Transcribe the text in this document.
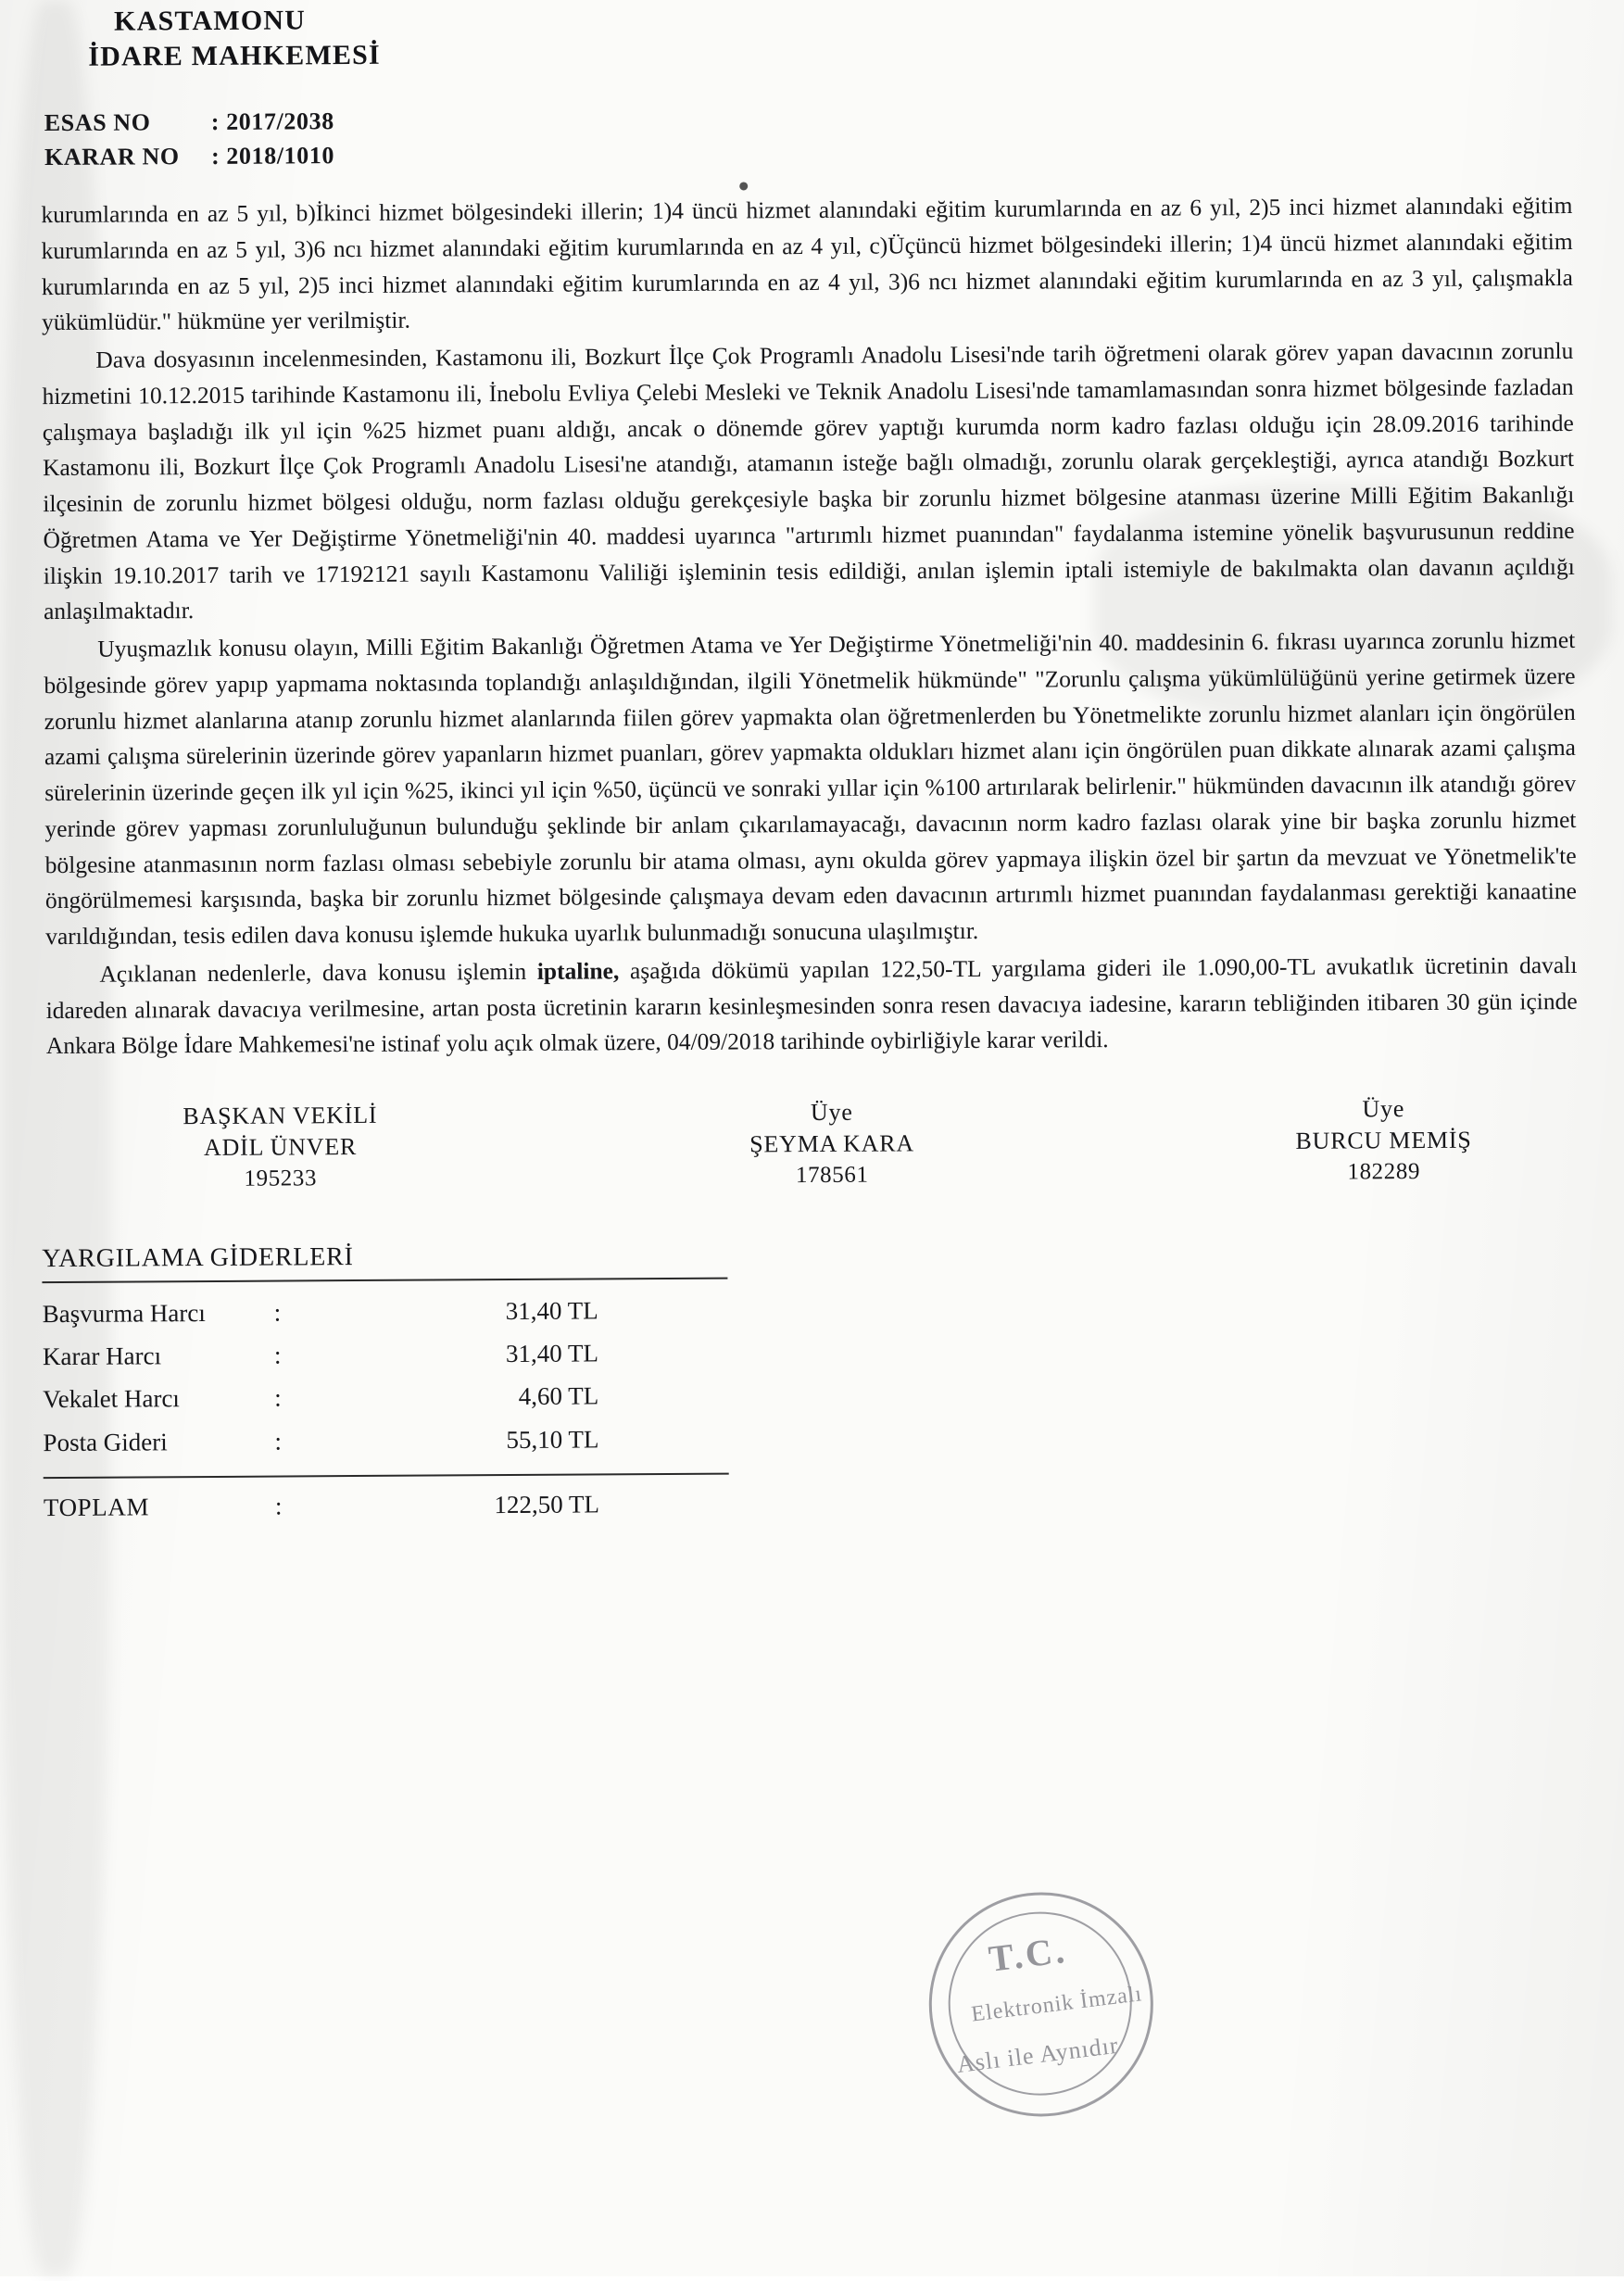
KASTAMONU
İDARE MAHKEMESİ
ESAS NO	: 2017/2038
KARAR NO	: 2018/1010

kurumlarında en az 5 yıl, b)İkinci hizmet bölgesindeki illerin; 1)4 üncü hizmet alanındaki eğitim kurumlarında en az 6 yıl, 2)5 inci hizmet alanındaki eğitim kurumlarında en az 5 yıl, 3)6 ncı hizmet alanındaki eğitim kurumlarında en az 4 yıl, c)Üçüncü hizmet bölgesindeki illerin; 1)4 üncü hizmet alanındaki eğitim kurumlarında en az 5 yıl, 2)5 inci hizmet alanındaki eğitim kurumlarında en az 4 yıl, 3)6 ncı hizmet alanındaki eğitim kurumlarında en az 3 yıl, çalışmakla yükümlüdür." hükmüne yer verilmiştir.

Dava dosyasının incelenmesinden, Kastamonu ili, Bozkurt İlçe Çok Programlı Anadolu Lisesi'nde tarih öğretmeni olarak görev yapan davacının zorunlu hizmetini 10.12.2015 tarihinde Kastamonu ili, İnebolu Evliya Çelebi Mesleki ve Teknik Anadolu Lisesi'nde tamamlamasından sonra hizmet bölgesinde fazladan çalışmaya başladığı ilk yıl için %25 hizmet puanı aldığı, ancak o dönemde görev yaptığı kurumda norm kadro fazlası olduğu için 28.09.2016 tarihinde Kastamonu ili, Bozkurt İlçe Çok Programlı Anadolu Lisesi'ne atandığı, atamanın isteğe bağlı olmadığı, zorunlu olarak gerçekleştiği, ayrıca atandığı Bozkurt ilçesinin de zorunlu hizmet bölgesi olduğu, norm fazlası olduğu gerekçesiyle başka bir zorunlu hizmet bölgesine atanması üzerine Milli Eğitim Bakanlığı Öğretmen Atama ve Yer Değiştirme Yönetmeliği'nin 40. maddesi uyarınca "artırımlı hizmet puanından" faydalanma istemine yönelik başvurusunun reddine ilişkin 19.10.2017 tarih ve 17192121 sayılı Kastamonu Valiliği işleminin tesis edildiği, anılan işlemin iptali istemiyle de bakılmakta olan davanın açıldığı anlaşılmaktadır.

Uyuşmazlık konusu olayın, Milli Eğitim Bakanlığı Öğretmen Atama ve Yer Değiştirme Yönetmeliği'nin 40. maddesinin 6. fıkrası uyarınca zorunlu hizmet bölgesinde görev yapıp yapmama noktasında toplandığı anlaşıldığından, ilgili Yönetmelik hükmünde" "Zorunlu çalışma yükümlülüğünü yerine getirmek üzere zorunlu hizmet alanlarına atanıp zorunlu hizmet alanlarında fiilen görev yapmakta olan öğretmenlerden bu Yönetmelikte zorunlu hizmet alanları için öngörülen azami çalışma sürelerinin üzerinde görev yapanların hizmet puanları, görev yapmakta oldukları hizmet alanı için öngörülen puan dikkate alınarak azami çalışma sürelerinin üzerinde geçen ilk yıl için %25, ikinci yıl için %50, üçüncü ve sonraki yıllar için %100 artırılarak belirlenir." hükmünden davacının ilk atandığı görev yerinde görev yapması zorunluluğunun bulunduğu şeklinde bir anlam çıkarılamayacağı, davacının norm kadro fazlası olarak yine bir başka zorunlu hizmet bölgesine atanmasının norm fazlası olması sebebiyle zorunlu bir atama olması, aynı okulda görev yapmaya ilişkin özel bir şartın da mevzuat ve Yönetmelik'te öngörülmemesi karşısında, başka bir zorunlu hizmet bölgesinde çalışmaya devam eden davacının artırımlı hizmet puanından faydalanması gerektiği kanaatine varıldığından, tesis edilen dava konusu işlemde hukuka uyarlık bulunmadığı sonucuna ulaşılmıştır.

Açıklanan nedenlerle, dava konusu işlemin iptaline, aşağıda dökümü yapılan 122,50-TL yargılama gideri ile 1.090,00-TL avukatlık ücretinin davalı idareden alınarak davacıya verilmesine, artan posta ücretinin kararın kesinleşmesinden sonra resen davacıya iadesine, kararın tebliğinden itibaren 30 gün içinde Ankara Bölge İdare Mahkemesi'ne istinaf yolu açık olmak üzere, 04/09/2018 tarihinde oybirliğiyle karar verildi.

BAŞKAN VEKİLİ
ADİL ÜNVER
195233
Üye
ŞEYMA KARA
178561
Üye
BURCU MEMİŞ
182289
YARGILAMA GİDERLERİ
Başvurma Harcı	:	31,40 TL
Karar Harcı	:	31,40 TL
Vekalet Harcı	:	4,60 TL
Posta Gideri	:	55,10 TL
TOPLAM	:	122,50 TL
T.C.
Elektronik İmzalı
Aslı ile Aynıdır
